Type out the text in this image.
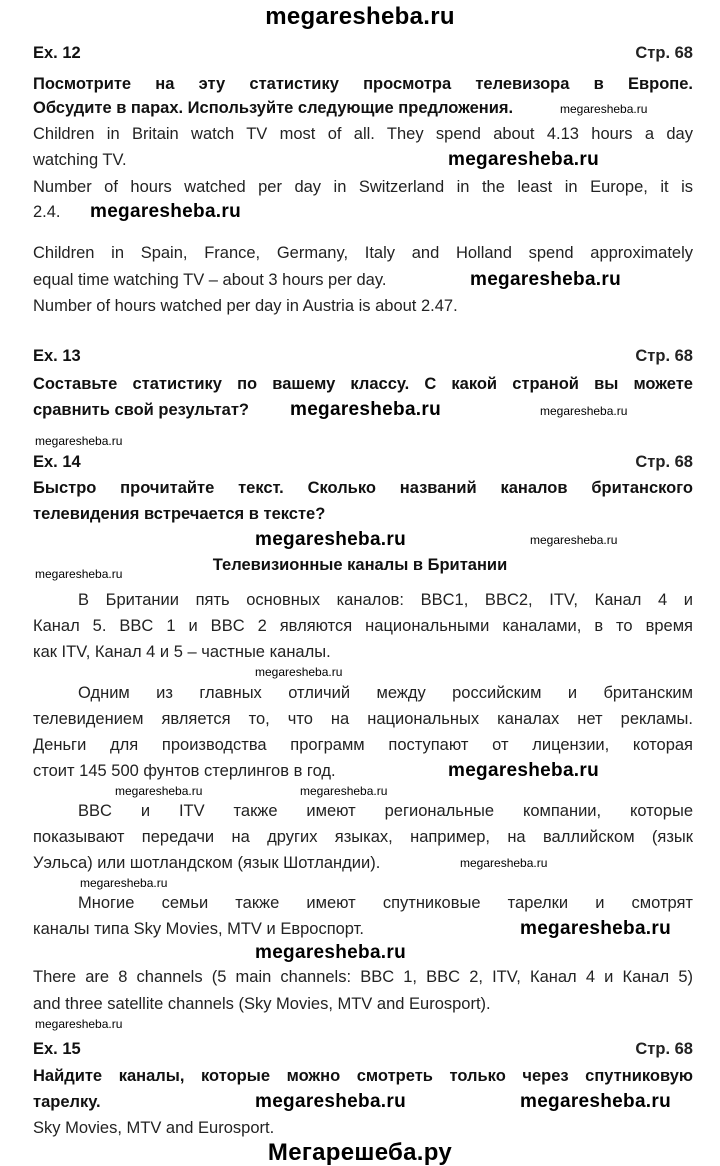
megaresheba.ru
Ex. 12	Стр. 68
Посмотрите на эту статистику просмотра телевизора в Европе.
Обсудите в парах. Используйте следующие предложения.	megaresheba.ru
Children in Britain watch TV most of all. They spend about 4.13 hours a day
watching TV.	megaresheba.ru
Number of hours watched per day in Switzerland in the least in Europe, it is
2.4. megaresheba.ru
Children in Spain, France, Germany, Italy and Holland spend approximately
equal time watching TV – about 3 hours per day.	megaresheba.ru
Number of hours watched per day in Austria is about 2.47.
Ex. 13	Стр. 68
Составьте статистику по вашему классу. С какой страной вы можете
сравнить свой результат? megaresheba.ru	megaresheba.ru
megaresheba.ru
Ex. 14	Стр. 68
Быстро прочитайте текст. Сколько названий каналов британского
телевидения встречается в тексте?
megaresheba.ru	megaresheba.ru
Телевизионные каналы в Британии
megaresheba.ru
В Британии пять основных каналов: BBC1, BBC2, ITV, Канал 4 и
Канал 5. BBC 1 и BBC 2 являются национальными каналами, в то время
как ITV, Канал 4 и 5 – частные каналы.
megaresheba.ru
Одним из главных отличий между российским и британским
телевидением является то, что на национальных каналах нет рекламы.
Деньги для производства программ поступают от лицензии, которая
стоит 145 500 фунтов стерлингов в год.	megaresheba.ru
megaresheba.ru	megaresheba.ru
BBC и ITV также имеют региональные компании, которые
показывают передачи на других языках, например, на валлийском (язык
Уэльса) или шотландском (язык Шотландии).	megaresheba.ru
megaresheba.ru
Многие семьи также имеют спутниковые тарелки и смотрят
каналы типа Sky Movies, MTV и Евроспорт.	megaresheba.ru
megaresheba.ru
There are 8 channels (5 main channels: BBC 1, BBC 2, ITV, Канал 4 и Канал 5)
and three satellite channels (Sky Movies, MTV and Eurosport).
megaresheba.ru
Ex. 15	Стр. 68
Найдите каналы, которые можно смотреть только через спутниковую
тарелку.	megaresheba.ru	megaresheba.ru
Sky Movies, MTV and Eurosport.
Мегарешеба.ру
